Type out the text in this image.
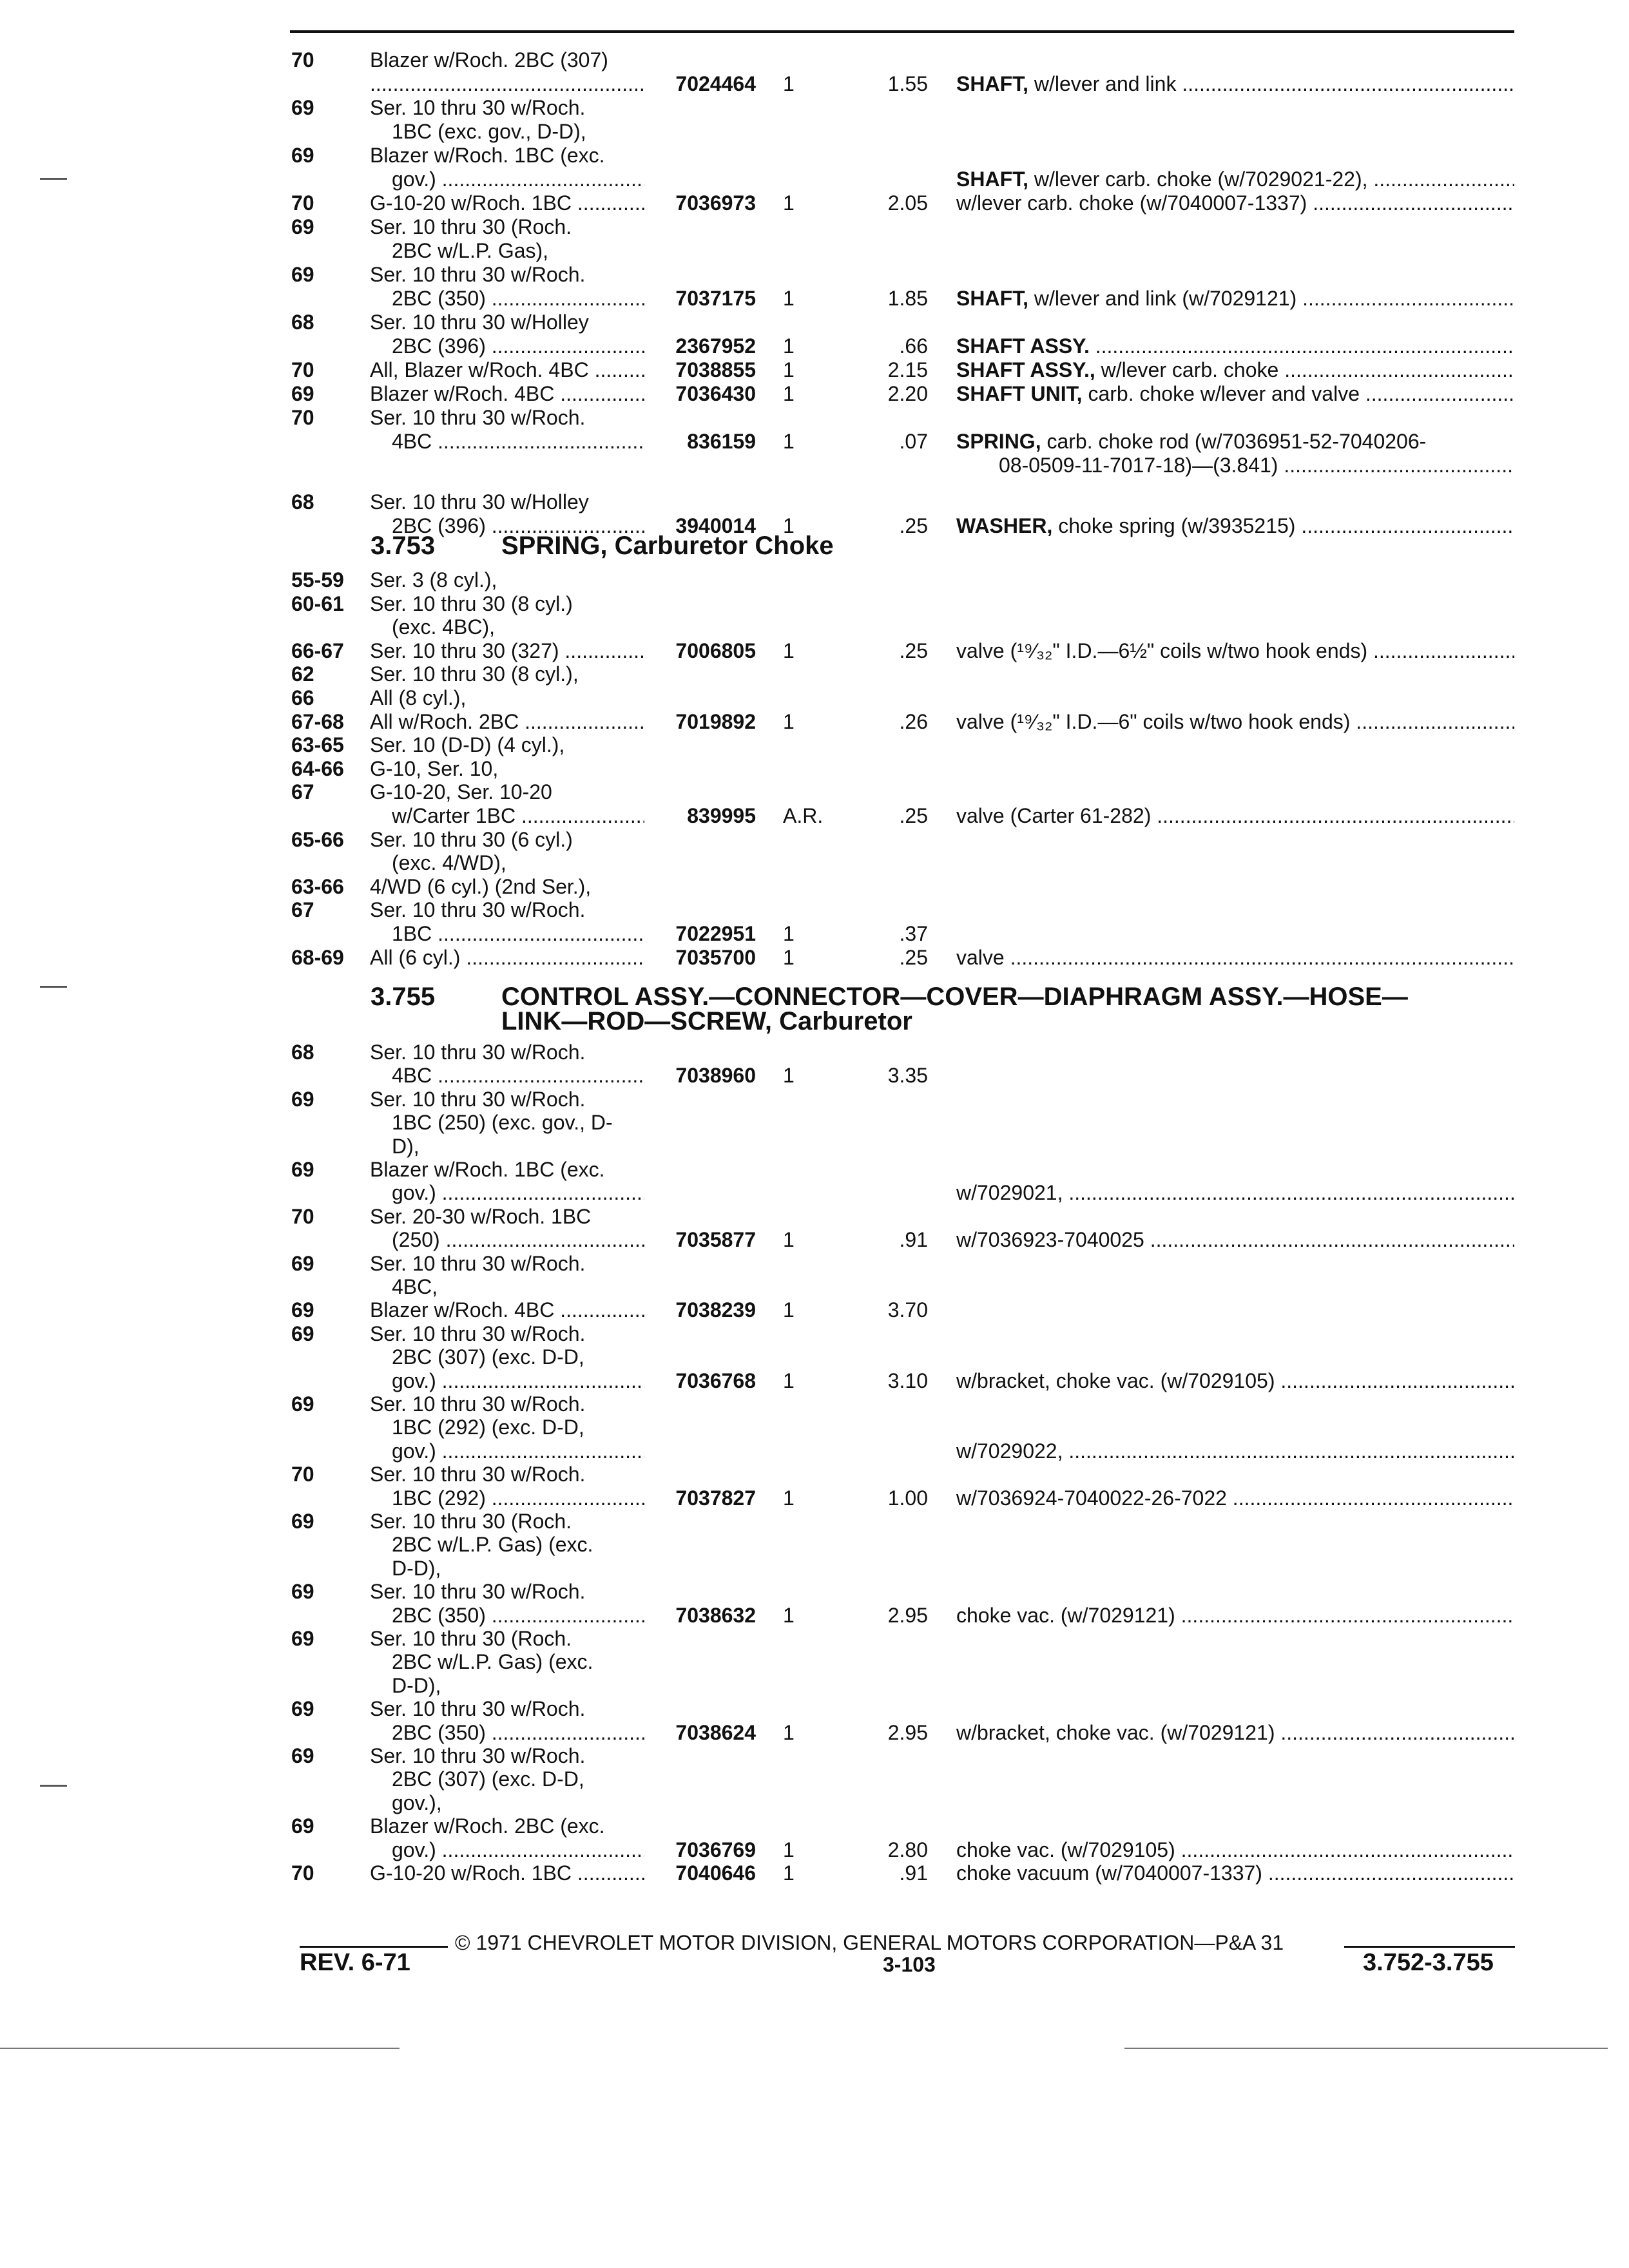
70	Blazer w/Roch. 2BC (307)
.....
7024464 1	1.55 SHAFT, w/lever and link .....
69	Ser. 10 thru 30 w/Roch.
1BC (exc. gov., D-D),
69	Blazer w/Roch. 1BC (exc.
gov.) .....	SHAFT, w/lever carb. choke (w/7029021-22), .....
70	G-10-20 w/Roch. 1BC .....	7036973 1	2.05 w/lever carb. choke (w/7040007-1337) .....
69	Ser. 10 thru 30 (Roch.
2BC w/L.P. Gas),
69	Ser. 10 thru 30 w/Roch.
2BC (350) .....	7037175 1	1.85 SHAFT, w/lever and link (w/7029121) .....
68	Ser. 10 thru 30 w/Holley
2BC (396) .....	2367952 1	.66 SHAFT ASSY. .....
70	All, Blazer w/Roch. 4BC .....	7038855 1	2.15 SHAFT ASSY., w/lever carb. choke .....
69	Blazer w/Roch. 4BC .....	7036430 1	2.20 SHAFT UNIT, carb. choke w/lever and valve .....
70	Ser. 10 thru 30 w/Roch.
4BC .....	836159 1	.07 SPRING, carb. choke rod (w/7036951-52-7040206-
08-0509-11-7017-18)—(3.841) .....
68	Ser. 10 thru 30 w/Holley
2BC (396) .....	3940014 1	.25 WASHER, choke spring (w/3935215) .....
3.753	SPRING, Carburetor Choke
55-59 Ser. 3 (8 cyl.),
60-61 Ser. 10 thru 30 (8 cyl.)
(exc. 4BC),
66-67 Ser. 10 thru 30 (327) .....	7006805 1	.25 valve (¹⁹⁄₃₂" I.D.—6½" coils w/two hook ends) .....
62	Ser. 10 thru 30 (8 cyl.),
66	All (8 cyl.),
67-68 All w/Roch. 2BC .....	7019892 1	.26 valve (¹⁹⁄₃₂" I.D.—6" coils w/two hook ends) .....
63-65 Ser. 10 (D-D) (4 cyl.),
64-66 G-10, Ser. 10,
67	G-10-20, Ser. 10-20
w/Carter 1BC .....	839995 A.R.	.25 valve (Carter 61-282) .....
65-66 Ser. 10 thru 30 (6 cyl.)
(exc. 4/WD),
63-66 4/WD (6 cyl.) (2nd Ser.),
67	Ser. 10 thru 30 w/Roch.
1BC .....	7022951 1	.37
68-69 All (6 cyl.) .....	7035700 1	.25 valve .....
3.755	CONTROL ASSY.—CONNECTOR—COVER—DIAPHRAGM ASSY.—HOSE—
LINK—ROD—SCREW, Carburetor
68	Ser. 10 thru 30 w/Roch.
4BC .....	7038960 1	3.35
69	Ser. 10 thru 30 w/Roch.
1BC (250) (exc. gov., D-
D),
69	Blazer w/Roch. 1BC (exc.
gov.) .....	w/7029021, .....
70	Ser. 20-30 w/Roch. 1BC
(250) .....	7035877 1	.91 w/7036923-7040025 .....
69	Ser. 10 thru 30 w/Roch.
4BC,
69	Blazer w/Roch. 4BC .....	7038239 1	3.70
69	Ser. 10 thru 30 w/Roch.
2BC (307) (exc. D-D,
gov.) .....	7036768 1	3.10 w/bracket, choke vac. (w/7029105) .....
69	Ser. 10 thru 30 w/Roch.
1BC (292) (exc. D-D,
gov.) .....	w/7029022, .....
70	Ser. 10 thru 30 w/Roch.
1BC (292) .....	7037827 1	1.00 w/7036924-7040022-26-7022 .....
69	Ser. 10 thru 30 (Roch.
2BC w/L.P. Gas) (exc.
D-D),
69	Ser. 10 thru 30 w/Roch.
2BC (350) .....	7038632 1	2.95 choke vac. (w/7029121) .....
69	Ser. 10 thru 30 (Roch.
2BC w/L.P. Gas) (exc.
D-D),
69	Ser. 10 thru 30 w/Roch.
2BC (350) .....	7038624 1	2.95 w/bracket, choke vac. (w/7029121) .....
69	Ser. 10 thru 30 w/Roch.
2BC (307) (exc. D-D,
gov.),
69	Blazer w/Roch. 2BC (exc.
gov.) .....	7036769 1	2.80 choke vac. (w/7029105) .....
70	G-10-20 w/Roch. 1BC .....	7040646 1	.91 choke vacuum (w/7040007-1337) .....
© 1971 CHEVROLET MOTOR DIVISION, GENERAL MOTORS CORPORATION—P&A 31
REV. 6-71	3-103	3.752-3.755
